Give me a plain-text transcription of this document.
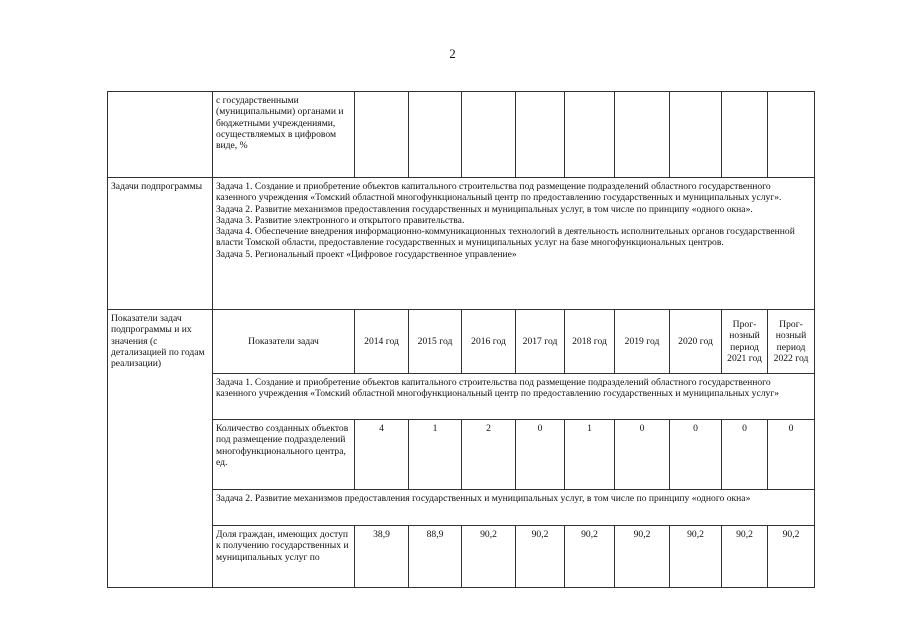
2
	с государственными (муниципальными) органами и бюджетными учреждениями, осуществляемых в цифровом виде, %									
Задачи подпрограммы	Задача 1. Создание и приобретение объектов капитального строительства под размещение подразделений областного государственного казенного учреждения «Томский областной многофункциональный центр по предоставлению государственных и муниципальных услуг».
Задача 2. Развитие механизмов предоставления государственных и муниципальных услуг, в том числе по принципу «одного окна».
Задача 3. Развитие электронного и открытого правительства.
Задача 4. Обеспечение внедрения информационно-коммуникационных технологий в деятельность исполнительных органов государственной власти Томской области, предоставление государственных и муниципальных услуг на базе многофункциональных центров.
Задача 5. Региональный проект «Цифровое государственное управление»									

Показатели задач подпрограммы и их значения (с детализацией по годам реализации)	Показатели задач	2014 год	2015 год	2016 год	2017 год	2018 год	2019 год	2020 год	Прог-нозный период 2021 год	Прог-нозный период 2022 год
	Задача 1. Создание и приобретение объектов капитального строительства под размещение подразделений областного государственного казенного учреждения «Томский областной многофункциональный центр по предоставлению государственных и муниципальных услуг»									
	Количество созданных объектов под размещение подразделений многофункционального центра, ед.	4	1	2	0	1	0	0	0	0
	Задача 2. Развитие механизмов предоставления государственных и муниципальных услуг, в том числе по принципу «одного окна»									
	Доля граждан, имеющих доступ к получению государственных и муниципальных услуг по	38,9	88,9	90,2	90,2	90,2	90,2	90,2	90,2	90,2
